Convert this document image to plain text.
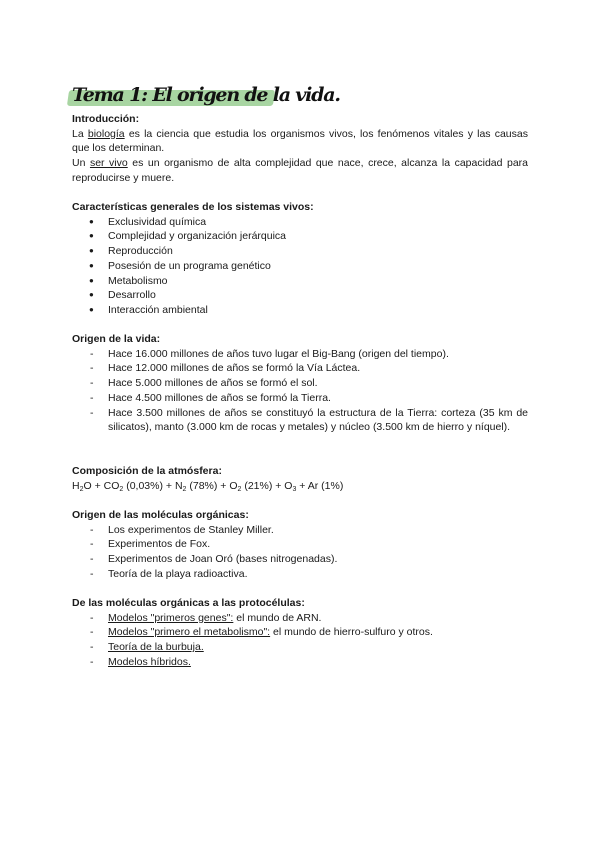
Tema 1: El origen de la vida.
Introducción:

La biología es la ciencia que estudia los organismos vivos, los fenómenos vitales y las causas que los determinan.

Un ser vivo es un organismo de alta complejidad que nace, crece, alcanza la capacidad para reproducirse y muere.

Características generales de los sistemas vivos:
● Exclusividad química
● Complejidad y organización jerárquica
● Reproducción
● Posesión de un programa genético
● Metabolismo
● Desarrollo
● Interacción ambiental
Origen de la vida:
- Hace 16.000 millones de años tuvo lugar el Big-Bang (origen del tiempo).
- Hace 12.000 millones de años se formó la Vía Láctea.
- Hace 5.000 millones de años se formó el sol.
- Hace 4.500 millones de años se formó la Tierra.
- Hace 3.500 millones de años se constituyó la estructura de la Tierra: corteza (35 km de silicatos), manto (3.000 km de rocas y metales) y núcleo (3.500 km de hierro y níquel).
Composición de la atmósfera:
$H_2O + CO_2$ $(0,03\%) + N_2$ $(78\%) + O_2$ $(21\%) + O_3 + Ar$ (1%)
Origen de las moléculas orgánicas:
- Los experimentos de Stanley Miller.
- Experimentos de Fox.
- Experimentos de Joan Oró (bases nitrogenadas).
- Teoría de la playa radioactiva.
De las moléculas orgánicas a las protocélulas:
- Modelos "primeros genes": el mundo de ARN.
- Modelos "primero el metabolismo": el mundo de hierro-sulfuro y otros.
- Teoría de la burbuja.
- Modelos híbridos.
